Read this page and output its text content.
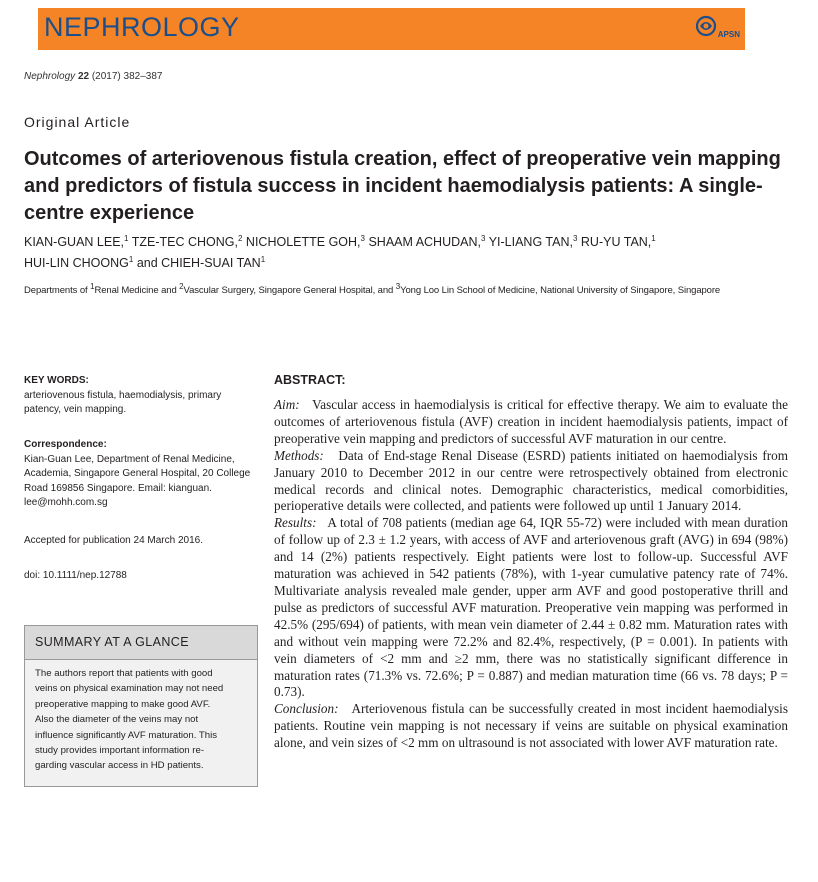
NEPHROLOGY	APSN
Nephrology 22 (2017) 382–387
Original Article
Outcomes of arteriovenous fistula creation, effect of preoperative vein mapping and predictors of fistula success in incident haemodialysis patients: A single-centre experience
KIAN-GUAN LEE,$^1$ TZE-TEC CHONG,$^2$ NICHOLETTE GOH,$^3$ SHAAM ACHUDAN,$^3$ YI-LIANG TAN,$^3$ RU-YU TAN,$^1$
HUI-LIN CHOONG$^1$ and CHIEH-SUAI TAN$^1$
Departments of $^1$Renal Medicine and $^2$Vascular Surgery, Singapore General Hospital, and $^3$Yong Loo Lin School of Medicine, National University of Singapore, Singapore
KEY WORDS:
arteriovenous fistula, haemodialysis, primary
patency, vein mapping.
Correspondence:
Kian-Guan Lee, Department of Renal Medicine,
Academia, Singapore General Hospital, 20 College
Road 169856 Singapore. Email: kianguan.
lee@mohh.com.sg
Accepted for publication 24 March 2016.
doi: 10.1111/nep.12788
SUMMARY AT A GLANCE
The authors report that patients with good
veins on physical examination may not need
preoperative mapping to make good AVF.
Also the diameter of the veins may not
influence significantly AVF maturation. This
study provides important information re-
garding vascular access in HD patients.
ABSTRACT:

Aim: Vascular access in haemodialysis is critical for effective therapy. We aim to evaluate the outcomes of arteriovenous fistula (AVF) creation in incident haemodialysis patients, impact of preoperative vein mapping and predictors of successful AVF maturation in our centre.

Methods: Data of End-stage Renal Disease (ESRD) patients initiated on haemodialysis from January 2010 to December 2012 in our centre were retrospectively obtained from electronic medical records and clinical notes. Demographic characteristics, medical comorbidities, perioperative details were collected, and patients were followed up until 1 January 2014.

Results: A total of 708 patients (median age 64, IQR 55-72) were included with mean duration of follow up of 2.3 ± 1.2 years, with access of AVF and arteriovenous graft (AVG) in 694 (98%) and 14 (2%) patients respectively. Eight patients were lost to follow-up. Successful AVF maturation was achieved in 542 patients (78%), with 1-year cumulative patency rate of 74%. Multivariate analysis revealed male gender, upper arm AVF and good postoperative thrill and pulse as predictors of successful AVF maturation. Preoperative vein mapping was performed in 42.5% (295/694) of patients, with mean vein diameter of 2.44 ± 0.82 mm. Maturation rates with and without vein mapping were 72.2% and 82.4%, respectively, (P = 0.001). In patients with vein diameters of <2 mm and ≥2 mm, there was no statistically significant difference in maturation rates (71.3% vs. 72.6%; P = 0.887) and median maturation time (66 vs. 78 days; P = 0.73).

Conclusion: Arteriovenous fistula can be successfully created in most incident haemodialysis patients. Routine vein mapping is not necessary if veins are suitable on physical examination alone, and vein sizes of <2 mm on ultrasound is not associated with lower AVF maturation rate.
